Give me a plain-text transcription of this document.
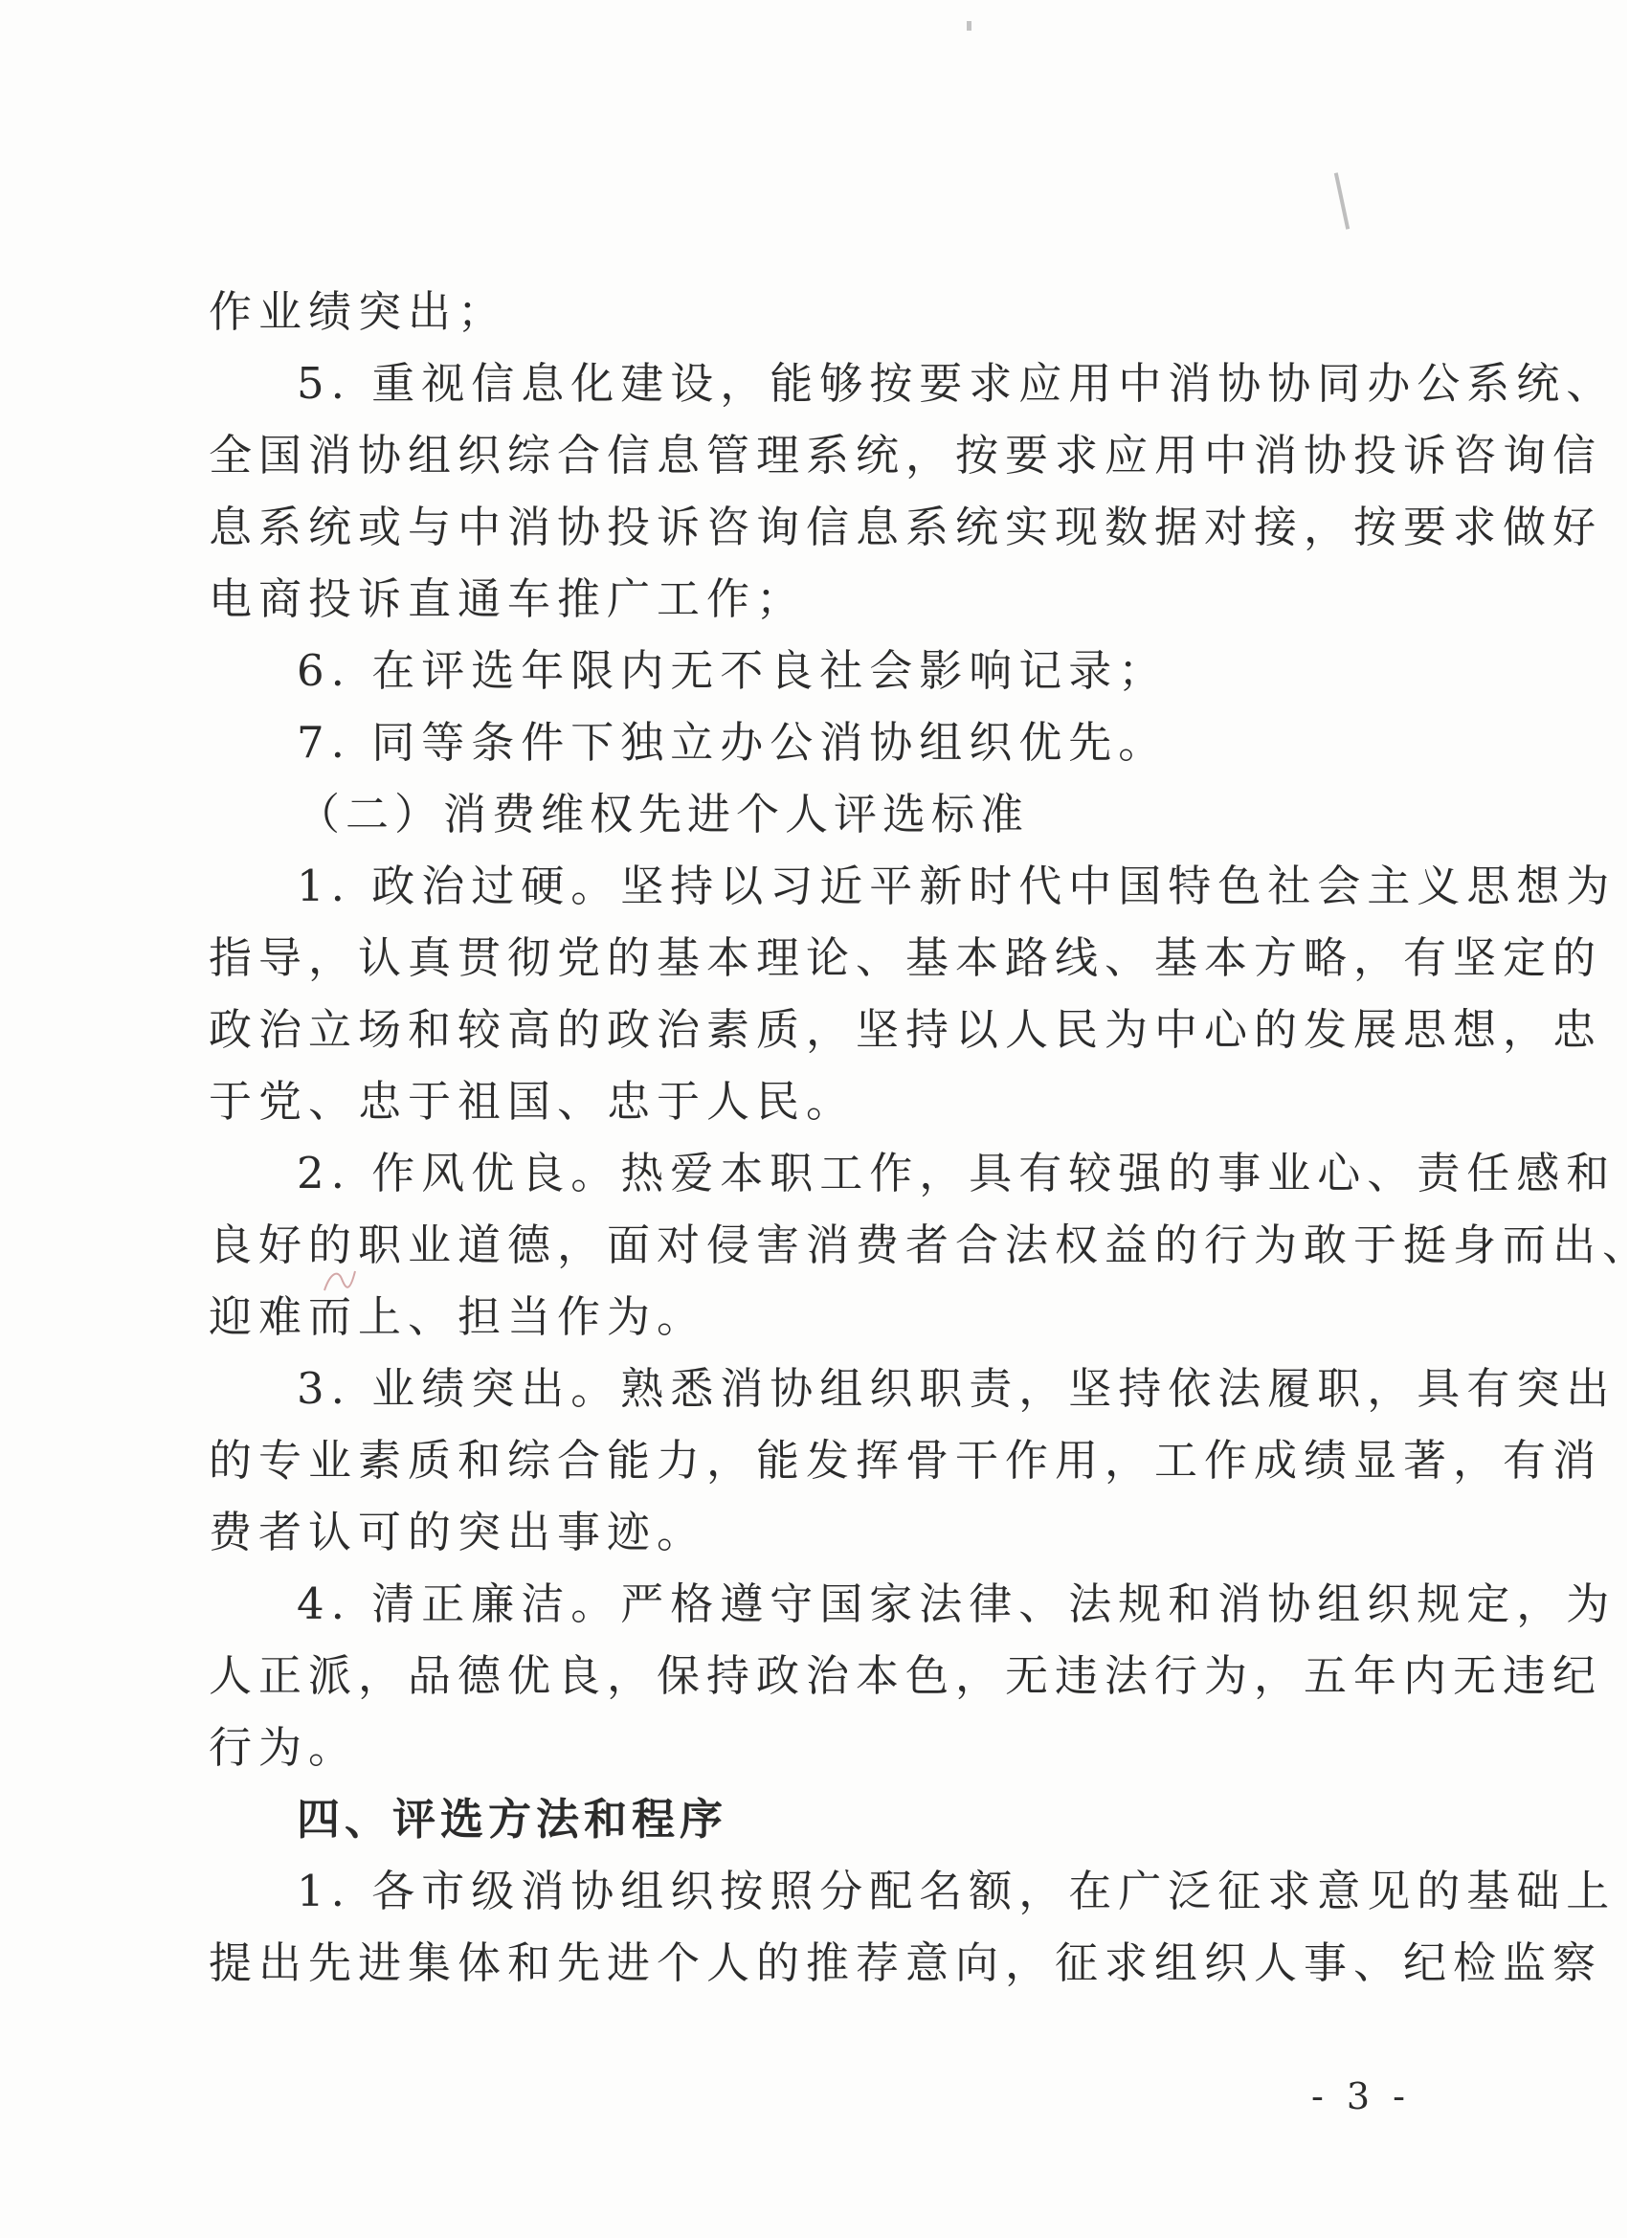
作业绩突出；
5. 重视信息化建设，能够按要求应用中消协协同办公系统、
全国消协组织综合信息管理系统，按要求应用中消协投诉咨询信
息系统或与中消协投诉咨询信息系统实现数据对接，按要求做好
电商投诉直通车推广工作；
6. 在评选年限内无不良社会影响记录；
7. 同等条件下独立办公消协组织优先。
（二）消费维权先进个人评选标准
1. 政治过硬。坚持以习近平新时代中国特色社会主义思想为
指导，认真贯彻党的基本理论、基本路线、基本方略，有坚定的
政治立场和较高的政治素质，坚持以人民为中心的发展思想，忠
于党、忠于祖国、忠于人民。
2. 作风优良。热爱本职工作，具有较强的事业心、责任感和
良好的职业道德，面对侵害消费者合法权益的行为敢于挺身而出、
迎难而上、担当作为。
3. 业绩突出。熟悉消协组织职责，坚持依法履职，具有突出
的专业素质和综合能力，能发挥骨干作用，工作成绩显著，有消
费者认可的突出事迹。
4. 清正廉洁。严格遵守国家法律、法规和消协组织规定，为
人正派，品德优良，保持政治本色，无违法行为，五年内无违纪
行为。
四、评选方法和程序
1. 各市级消协组织按照分配名额，在广泛征求意见的基础上
提出先进集体和先进个人的推荐意向，征求组织人事、纪检监察
- 3 -
